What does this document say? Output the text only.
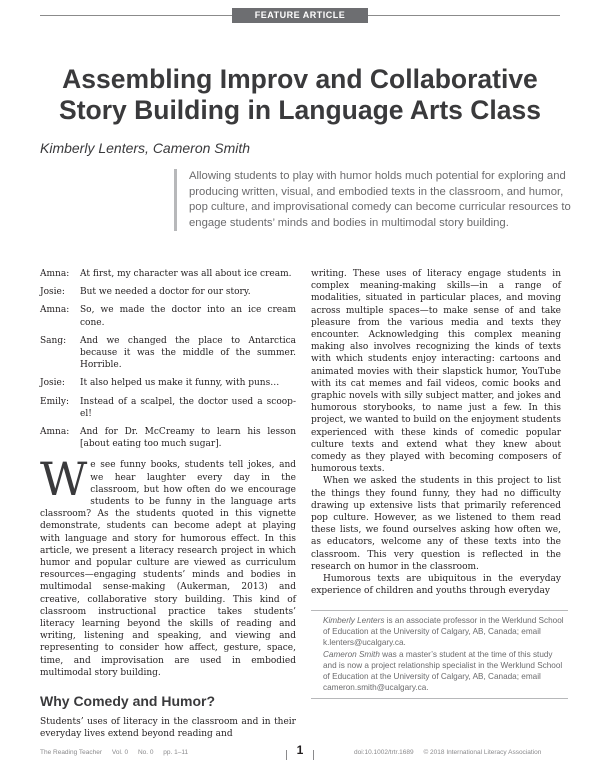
FEATURE ARTICLE
Assembling Improv and Collaborative Story Building in Language Arts Class
Kimberly Lenters, Cameron Smith

Allowing students to play with humor holds much potential for exploring and producing written, visual, and embodied texts in the classroom, and humor, pop culture, and improvisational comedy can become curricular resources to engage students’ minds and bodies in multimodal story building.

Amna:	At first, my character was all about ice cream.
Josie:	But we needed a doctor for our story.
Amna:	So, we made the doctor into an ice cream cone.
Sang:	And we changed the place to Antarctica because it was the middle of the summer. Horrible.
Josie:	It also helped us make it funny, with puns…
Emily:	Instead of a scalpel, the doctor used a scoop-el!
Amna:	And for Dr. McCreamy to learn his lesson [about eating too much sugar].

We see funny books, students tell jokes, and we hear laughter every day in the classroom, but how often do we encourage students to be funny in the language arts classroom? As the students quoted in this vignette demonstrate, students can become adept at playing with language and story for humorous effect. In this article, we present a literacy research project in which humor and popular culture are viewed as curriculum resources—engaging students’ minds and bodies in multimodal sense-making (Aukerman, 2013) and creative, collaborative story building. This kind of classroom instructional practice takes students’ literacy learning beyond the skills of reading and writing, listening and speaking, and viewing and representing to consider how affect, gesture, space, time, and improvisation are used in embodied multimodal story building.

Why Comedy and Humor?

Students’ uses of literacy in the classroom and in their everyday lives extend beyond reading and

writing. These uses of literacy engage students in complex meaning-making skills—in a range of modalities, situated in particular places, and moving across multiple spaces—to make sense of and take pleasure from the various media and texts they encounter. Acknowledging this complex meaning making also involves recognizing the kinds of texts with which students enjoy interacting: cartoons and animated movies with their slapstick humor, YouTube with its cat memes and fail videos, comic books and graphic novels with silly subject matter, and jokes and humorous storybooks, to name just a few. In this project, we wanted to build on the enjoyment students experienced with these kinds of comedic popular culture texts and extend what they knew about comedy as they played with becoming composers of humorous texts.

When we asked the students in this project to list the things they found funny, they had no difficulty drawing up extensive lists that primarily referenced pop culture. However, as we listened to them read these lists, we found ourselves asking how often we, as educators, welcome any of these texts into the classroom. This very question is reflected in the research on humor in the classroom.

Humorous texts are ubiquitous in the everyday experience of children and youths through everyday

Kimberly Lenters is an associate professor in the Werklund School of Education at the University of Calgary, AB, Canada; email k.lenters@ucalgary.ca.

Cameron Smith was a master’s student at the time of this study and is now a project relationship specialist in the Werklund School of Education at the University of Calgary, AB, Canada; email cameron.smith@ucalgary.ca.

The Reading Teacher Vol. 0 No. 0 pp. 1–11	1	doi:10.1002/trtr.1689 © 2018 International Literacy Association
